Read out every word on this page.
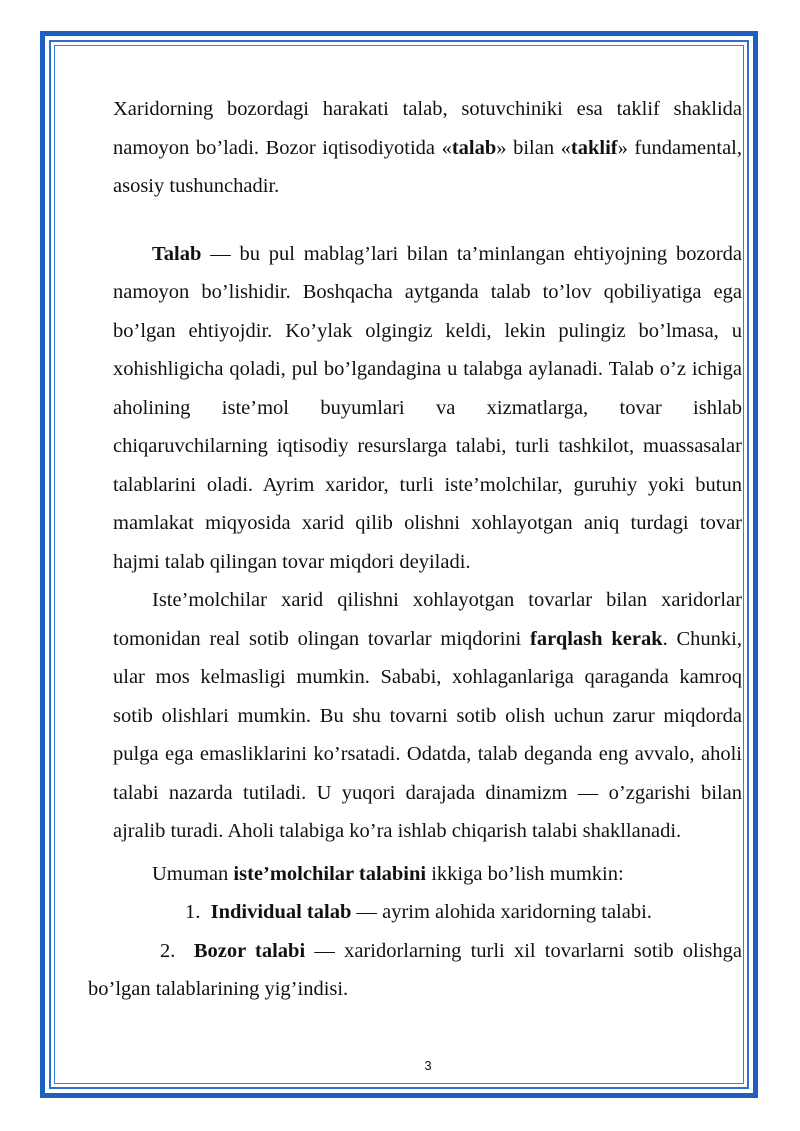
Xaridorning bozordagi harakati talab, sotuvchiniki esa taklif shaklida namoyon bo’ladi. Bozor iqtisodiyotida «talab» bilan «taklif» fundamental, asosiy tushunchadir.

Talab — bu pul mablag’lari bilan ta’minlangan ehtiyojning bozorda namoyon bo’lishidir. Boshqacha aytganda talab to’lov qobiliyatiga ega bo’lgan ehtiyojdir. Ko’ylak olgingiz keldi, lekin pulingiz bo’lmasa, u xohishligicha qoladi, pul bo’lgandagina u talabga aylanadi. Talab o’z ichiga aholining iste’mol buyumlari va xizmatlarga, tovar ishlab chiqaruvchilarning iqtisodiy resurslarga talabi, turli tashkilot, muassasalar talablarini oladi. Ayrim xaridor, turli iste’molchilar, guruhiy yoki butun mamlakat miqyosida xarid qilib olishni xohlayotgan aniq turdagi tovar hajmi talab qilingan tovar miqdori deyiladi.

Iste’molchilar xarid qilishni xohlayotgan tovarlar bilan xaridorlar tomonidan real sotib olingan tovarlar miqdorini farqlash kerak. Chunki, ular mos kelmasligi mumkin. Sababi, xohlaganlariga qaraganda kamroq sotib olishlari mumkin. Bu shu tovarni sotib olish uchun zarur miqdorda pulga ega emasliklarini ko’rsatadi. Odatda, talab deganda eng avvalo, aholi talabi nazarda tutiladi. U yuqori darajada dinamizm — o’zgarishi bilan ajralib turadi. Aholi talabiga ko’ra ishlab chiqarish talabi shakllanadi.

Umuman iste’molchilar talabini ikkiga bo’lish mumkin:

1. Individual talab — ayrim alohida xaridorning talabi.

2. Bozor talabi — xaridorlarning turli xil tovarlarni sotib olishga bo’lgan talablarining yig’indisi.

3
